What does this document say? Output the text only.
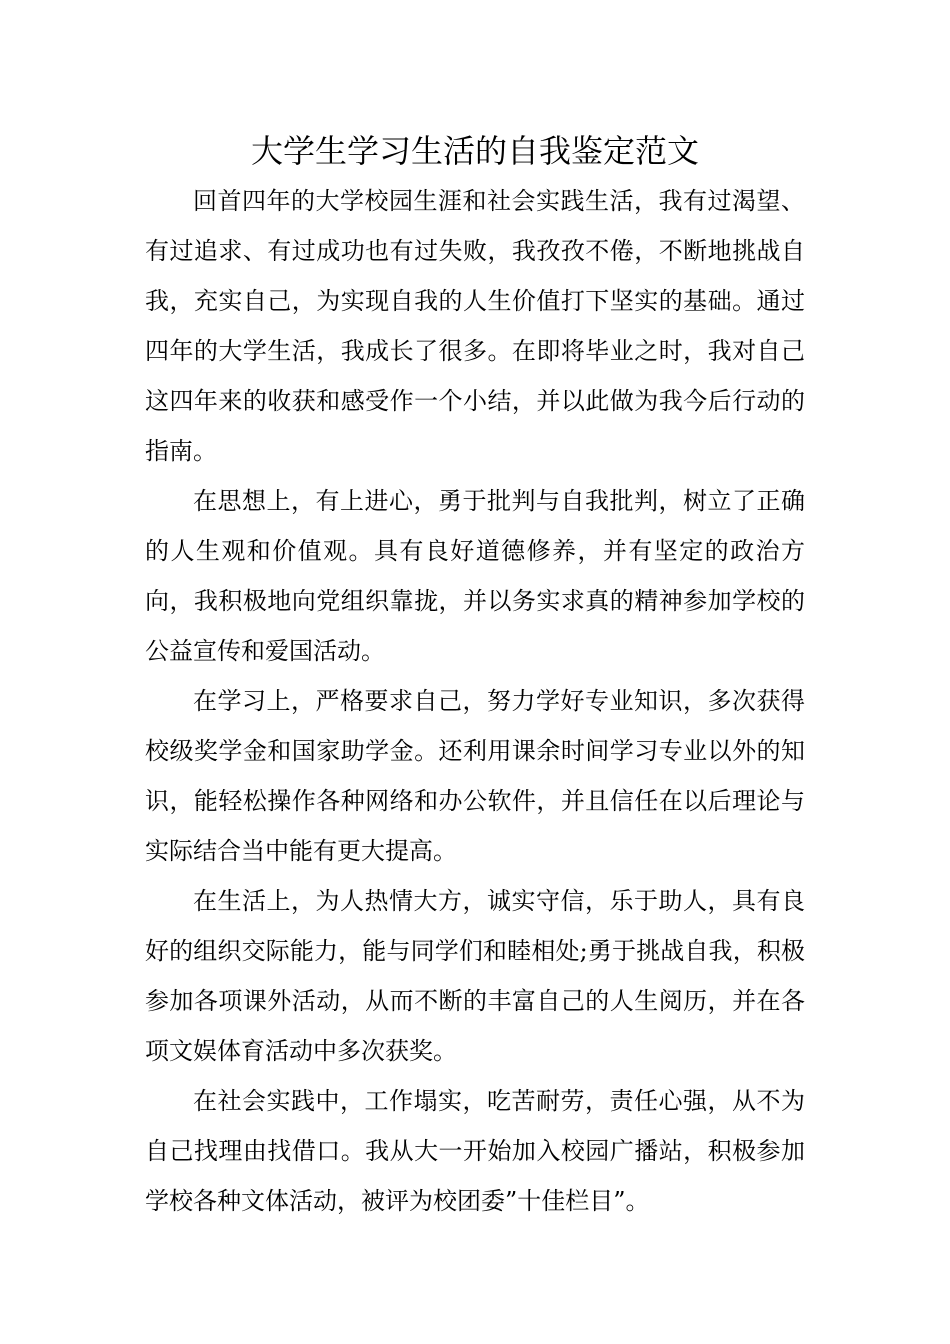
大学生学习生活的自我鉴定范文

回首四年的大学校园生涯和社会实践生活，我有过渴望、有过追求、有过成功也有过失败，我孜孜不倦，不断地挑战自我，充实自己，为实现自我的人生价值打下坚实的基础。通过四年的大学生活，我成长了很多。在即将毕业之时，我对自己这四年来的收获和感受作一个小结，并以此做为我今后行动的指南。

在思想上，有上进心，勇于批判与自我批判，树立了正确的人生观和价值观。具有良好道德修养，并有坚定的政治方向，我积极地向党组织靠拢，并以务实求真的精神参加学校的公益宣传和爱国活动。

在学习上，严格要求自己，努力学好专业知识，多次获得校级奖学金和国家助学金。还利用课余时间学习专业以外的知识，能轻松操作各种网络和办公软件，并且信任在以后理论与实际结合当中能有更大提高。

在生活上，为人热情大方，诚实守信，乐于助人，具有良好的组织交际能力，能与同学们和睦相处;勇于挑战自我，积极参加各项课外活动，从而不断的丰富自己的人生阅历，并在各项文娱体育活动中多次获奖。

在社会实践中，工作塌实，吃苦耐劳，责任心强，从不为自己找理由找借口。我从大一开始加入校园广播站，积极参加学校各种文体活动，被评为校团委”十佳栏目”。
